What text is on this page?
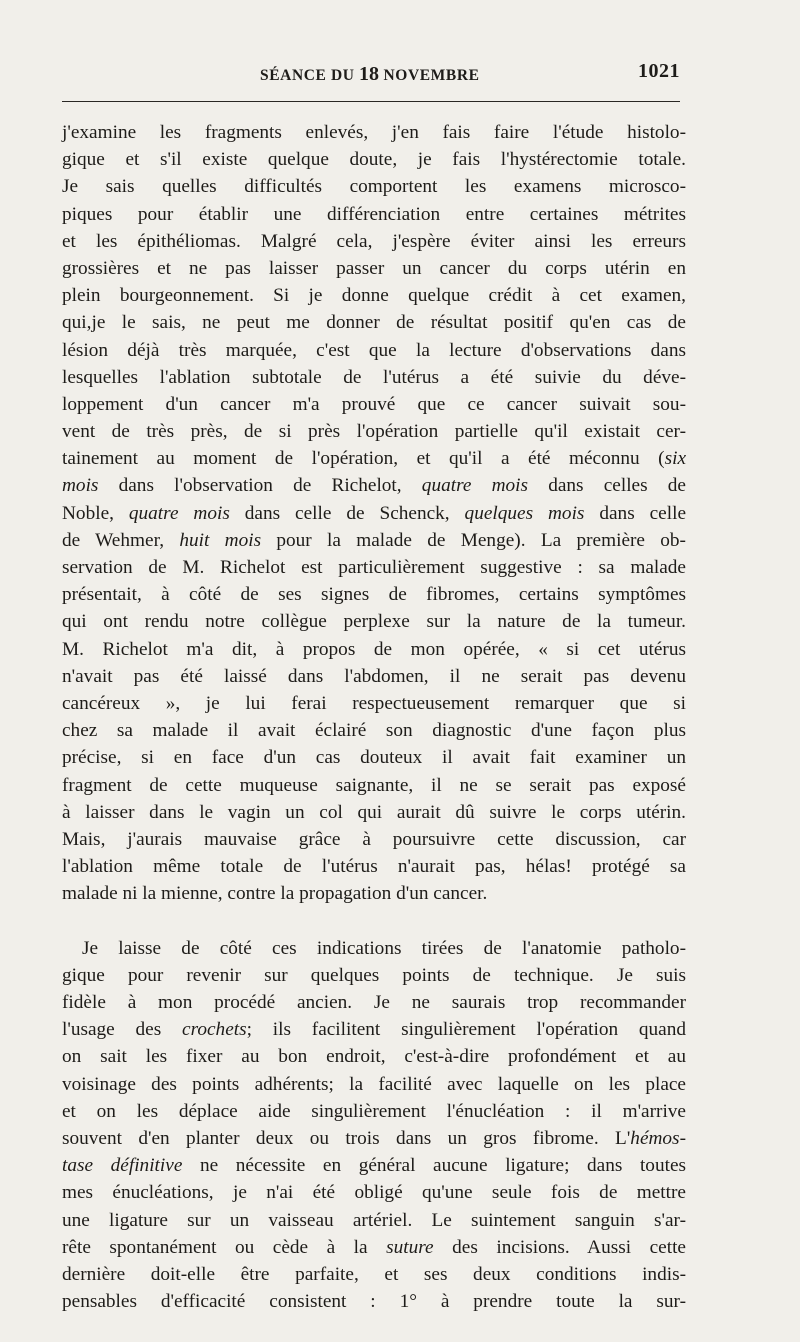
SÉANCE DU 18 NOVEMBRE	1021
j'examine les fragments enlevés, j'en fais faire l'étude histolo-
gique et s'il existe quelque doute, je fais l'hystérectomie totale.
Je sais quelles difficultés comportent les examens microsco-
piques pour établir une différenciation entre certaines métrites
et les épithéliomas. Malgré cela, j'espère éviter ainsi les erreurs
grossières et ne pas laisser passer un cancer du corps utérin en
plein bourgeonnement. Si je donne quelque crédit à cet examen,
qui,je le sais, ne peut me donner de résultat positif qu'en cas de
lésion déjà très marquée, c'est que la lecture d'observations dans
lesquelles l'ablation subtotale de l'utérus a été suivie du déve-
loppement d'un cancer m'a prouvé que ce cancer suivait sou-
vent de très près, de si près l'opération partielle qu'il existait cer-
tainement au moment de l'opération, et qu'il a été méconnu (six
mois dans l'observation de Richelot, quatre mois dans celles de
Noble, quatre mois dans celle de Schenck, quelques mois dans celle
de Wehmer, huit mois pour la malade de Menge). La première ob-
servation de M. Richelot est particulièrement suggestive : sa malade
présentait, à côté de ses signes de fibromes, certains symptômes
qui ont rendu notre collègue perplexe sur la nature de la tumeur.
M. Richelot m'a dit, à propos de mon opérée, « si cet utérus
n'avait pas été laissé dans l'abdomen, il ne serait pas devenu
cancéreux », je lui ferai respectueusement remarquer que si
chez sa malade il avait éclairé son diagnostic d'une façon plus
précise, si en face d'un cas douteux il avait fait examiner un
fragment de cette muqueuse saignante, il ne se serait pas exposé
à laisser dans le vagin un col qui aurait dû suivre le corps utérin.
Mais, j'aurais mauvaise grâce à poursuivre cette discussion, car
l'ablation même totale de l'utérus n'aurait pas, hélas! protégé sa
malade ni la mienne, contre la propagation d'un cancer.
Je laisse de côté ces indications tirées de l'anatomie patholo-
gique pour revenir sur quelques points de technique. Je suis
fidèle à mon procédé ancien. Je ne saurais trop recommander
l'usage des crochets; ils facilitent singulièrement l'opération quand
on sait les fixer au bon endroit, c'est-à-dire profondément et au
voisinage des points adhérents; la facilité avec laquelle on les place
et on les déplace aide singulièrement l'énucléation : il m'arrive
souvent d'en planter deux ou trois dans un gros fibrome. L'hémos-
tase définitive ne nécessite en général aucune ligature; dans toutes
mes énucléations, je n'ai été obligé qu'une seule fois de mettre
une ligature sur un vaisseau artériel. Le suintement sanguin s'ar-
rête spontanément ou cède à la suture des incisions. Aussi cette
dernière doit-elle être parfaite, et ses deux conditions indis-
pensables d'efficacité consistent : 1° à prendre toute la sur-
